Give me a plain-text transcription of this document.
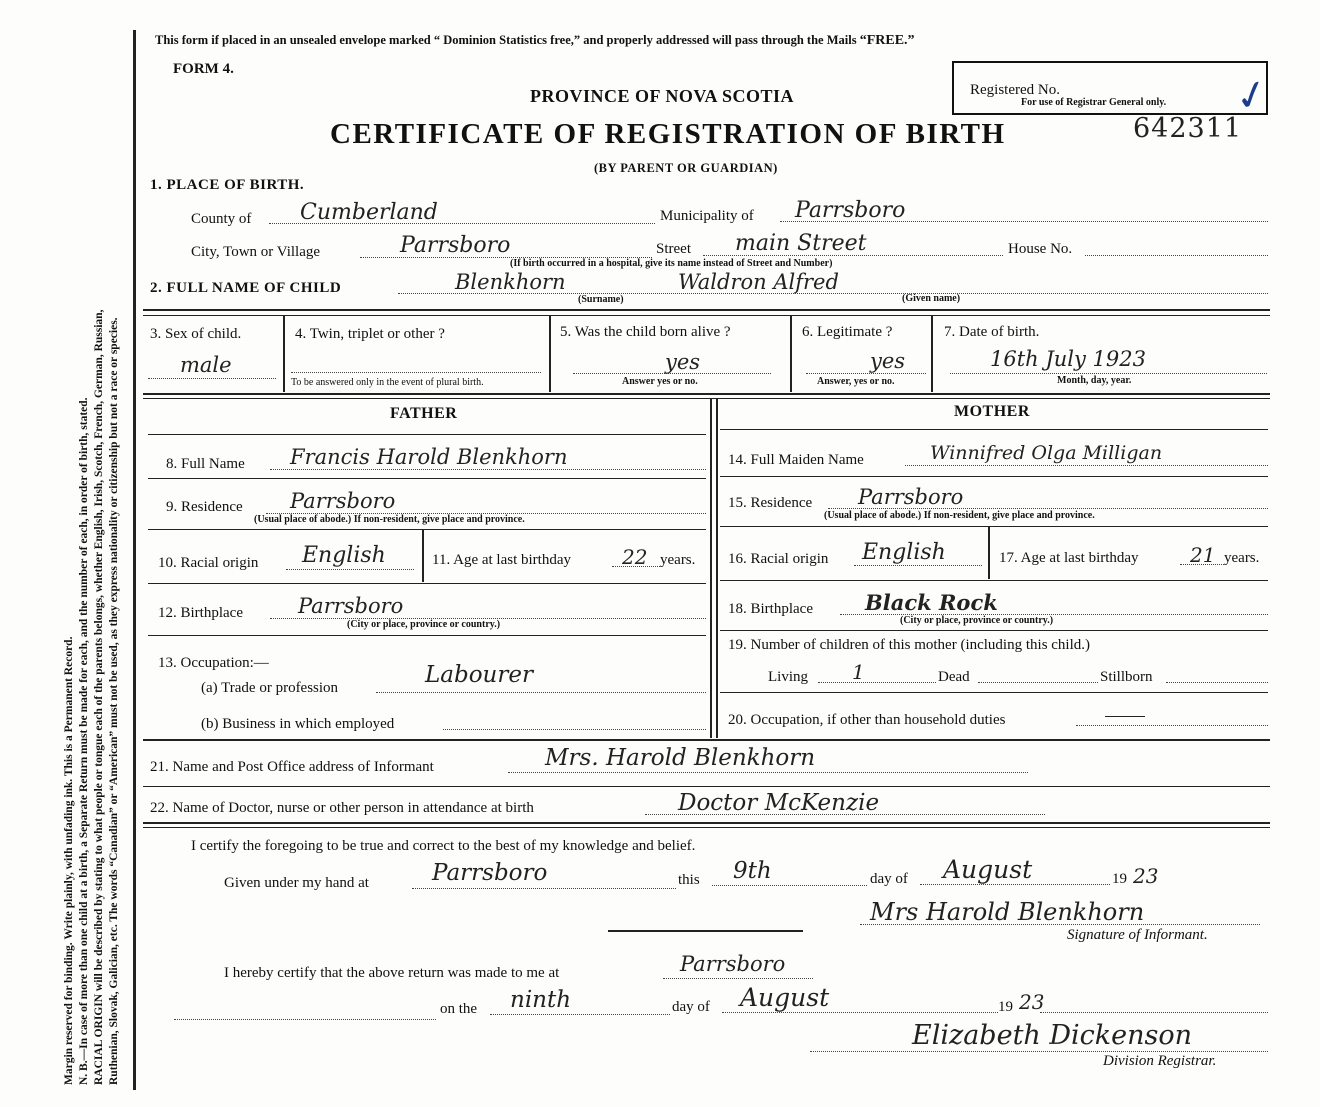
Margin reserved for binding. Write plainly, with unfading ink. This is a Permanent Record. N. B.—In case of more than one child at a birth, a Separate Return must be made for each, and the number of each, in order of birth, stated. RACIAL ORIGIN will be described by stating to what people or tongue each of the parents belongs, whether English, Irish, Scotch, French, German, Russian, Ruthenian, Slovak, Galician, etc. The words “Canadian” or “American” must not be used, as they express nationality or citizenship but not a race or species.
This form if placed in an unsealed envelope marked “ Dominion Statistics free,” and properly addressed will pass through the Mails “FREE.”
FORM 4.
PROVINCE OF NOVA SCOTIA
CERTIFICATE OF REGISTRATION OF BIRTH
(BY PARENT OR GUARDIAN)
Registered No.
For use of Registrar General only. ✓
642311
1. PLACE OF BIRTH.
County of Cumberland	Municipality of Parrsboro
City, Town or Village	Parrsboro	Street main Street	House No.
(If birth occurred in a hospital, give its name instead of Street and Number)
2. FULL NAME OF CHILD	Blenkhorn	Waldron Alfred
(Surname)	(Given name)
3. Sex of child.
male
4. Twin, triplet or other ?
To be answered only in the event of plural birth.
5. Was the child born alive ?
yes
Answer yes or no.
6. Legitimate ?
yes
Answer, yes or no.
7. Date of birth.
16th July 1923
Month, day, year.
FATHER	MOTHER
8. Full Name Francis Harold Blenkhorn
9. Residence Parrsboro
(Usual place of abode.) If non-resident, give place and province.
10. Racial origin English	11. Age at last birthday	22 years.
12. Birthplace	Parrsboro
(City or place, province or country.)
13. Occupation:—
(a) Trade or profession	Labourer
(b) Business in which employed
14. Full Maiden Name	Winnifred Olga Milligan
15. Residence Parrsboro
(Usual place of abode.) If non-resident, give place and province.
16. Racial origin English	17. Age at last birthday	21 years.
18. Birthplace Black Rock
(City or place, province or country.)
19. Number of children of this mother (including this child.)
Living 1	Dead	Stillborn
20. Occupation, if other than household duties
21. Name and Post Office address of Informant	Mrs. Harold Blenkhorn
22. Name of Doctor, nurse or other person in attendance at birth	Doctor McKenzie
I certify the foregoing to be true and correct to the best of my knowledge and belief.
Given under my hand at	Parrsboro	this 9th	day of August	19 23
Mrs Harold Blenkhorn
Signature of Informant.
I hereby certify that the above return was made to me at	Parrsboro
on the ninth	day of August	19 23
Elizabeth Dickenson
Division Registrar.
